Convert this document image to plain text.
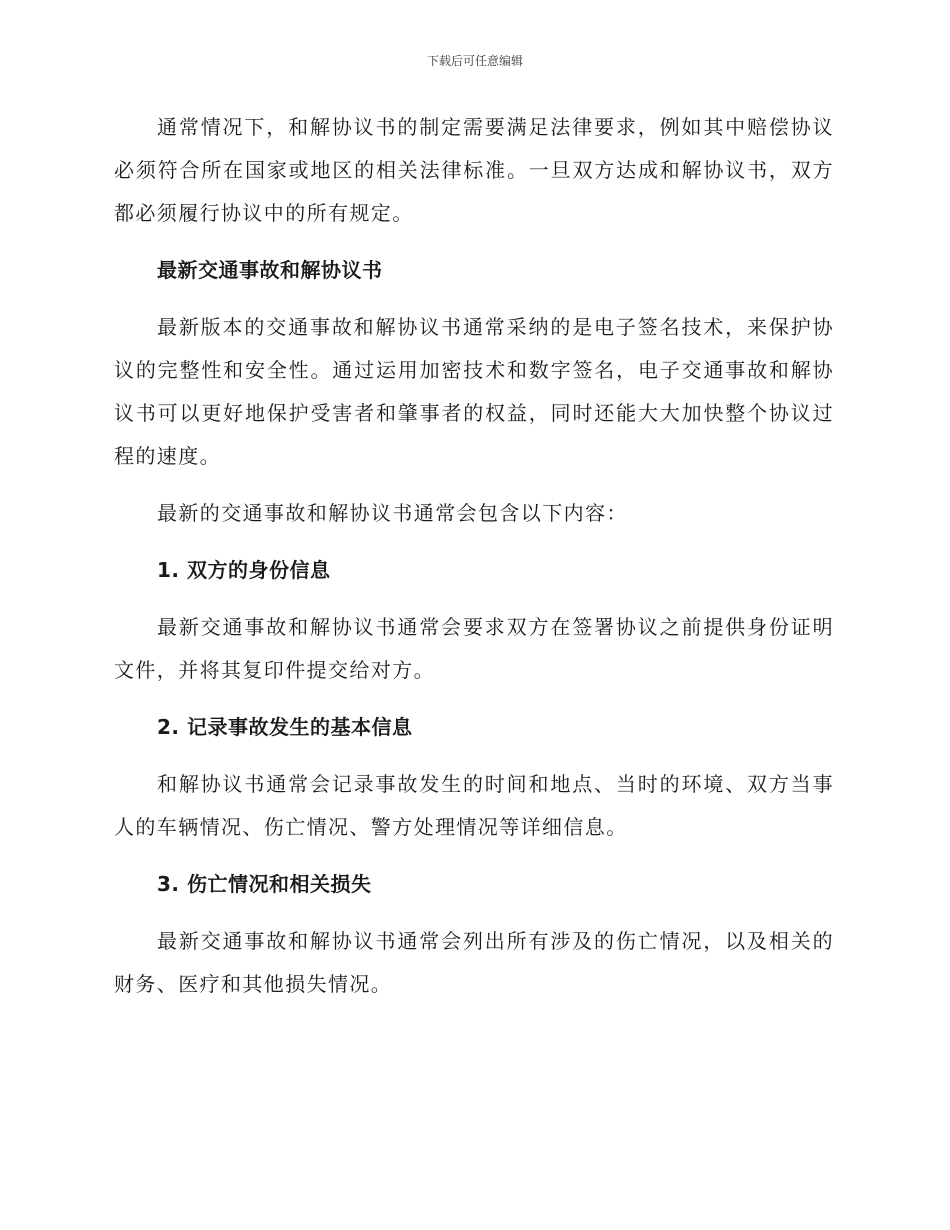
下载后可任意编辑

通常情况下，和解协议书的制定需要满足法律要求，例如其中赔偿协议必须符合所在国家或地区的相关法律标准。一旦双方达成和解协议书，双方都必须履行协议中的所有规定。

最新交通事故和解协议书

最新版本的交通事故和解协议书通常采纳的是电子签名技术，来保护协议的完整性和安全性。通过运用加密技术和数字签名，电子交通事故和解协议书可以更好地保护受害者和肇事者的权益，同时还能大大加快整个协议过程的速度。

最新的交通事故和解协议书通常会包含以下内容：

1. 双方的身份信息

最新交通事故和解协议书通常会要求双方在签署协议之前提供身份证明文件，并将其复印件提交给对方。

2. 记录事故发生的基本信息

和解协议书通常会记录事故发生的时间和地点、当时的环境、双方当事人的车辆情况、伤亡情况、警方处理情况等详细信息。

3. 伤亡情况和相关损失

最新交通事故和解协议书通常会列出所有涉及的伤亡情况，以及相关的财务、医疗和其他损失情况。
